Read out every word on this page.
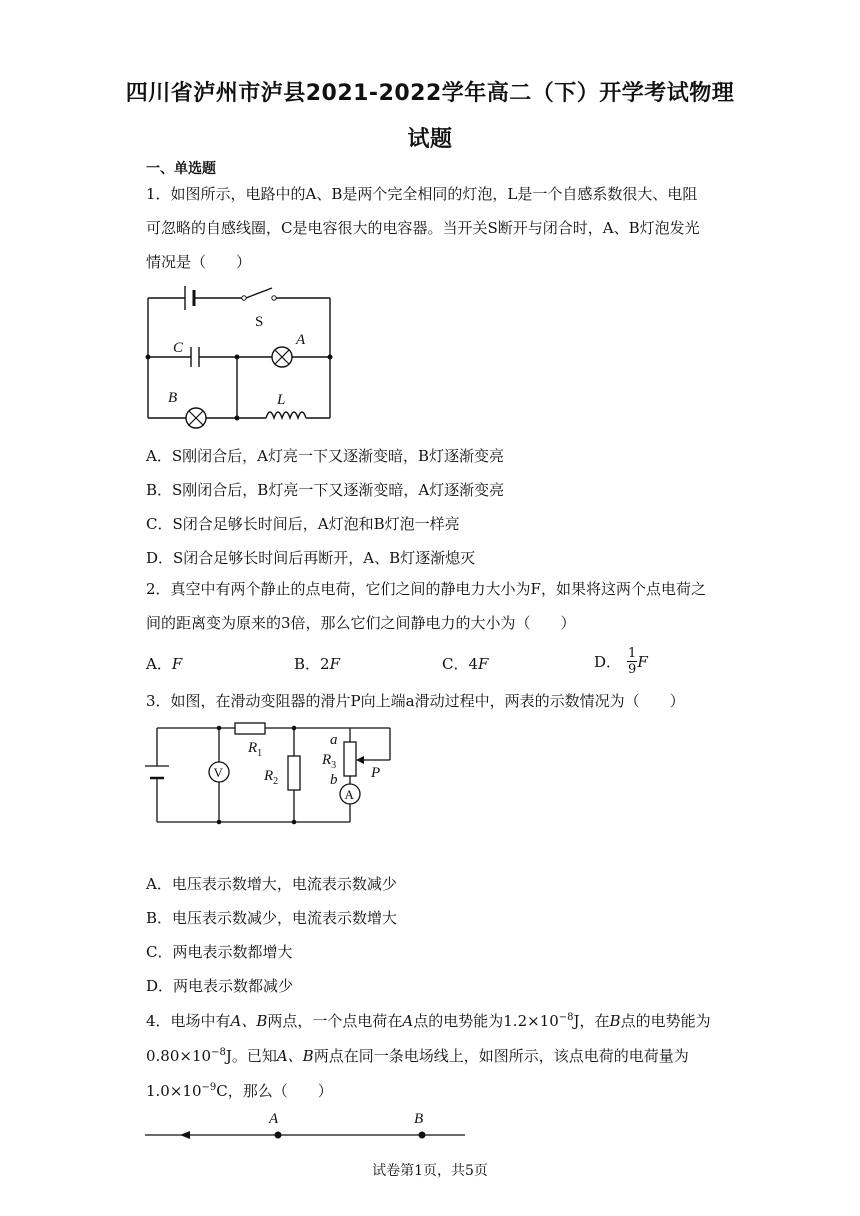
四川省泸州市泸县2021-2022学年高二（下）开学考试物理
试题
一、单选题
1．如图所示，电路中的A、B是两个完全相同的灯泡，L是一个自感系数很大、电阻
可忽略的自感线圈，C是电容很大的电容器。当开关S断开与闭合时，A、B灯泡发光
情况是（　　）
S
C	A
B	L
A．S刚闭合后，A灯亮一下又逐渐变暗，B灯逐渐变亮
B．S刚闭合后，B灯亮一下又逐渐变暗，A灯逐渐变亮
C．S闭合足够长时间后，A灯泡和B灯泡一样亮
D．S闭合足够长时间后再断开，A、B灯逐渐熄灭
2．真空中有两个静止的点电荷，它们之间的静电力大小为F，如果将这两个点电荷之
间的距离变为原来的3倍，那么它们之间静电力的大小为（　　）
A．F	B．2F	C．4F	D． $\frac{1}{9}$ F
3．如图，在滑动变阻器的滑片P向上端a滑动过程中，两表的示数情况为（　　）
V
A
$R_1$
$R_2$
$R_3$
a
b P
A．电压表示数增大，电流表示数减少
B．电压表示数减少，电流表示数增大
C．两电表示数都增大
D．两电表示数都减少
4．电场中有A、B两点，一个点电荷在A点的电势能为$1.2\times 10^{-8}J$，在B点的电势能为
$0.80\times 10^{-8}J$。已知A、B两点在同一条电场线上，如图所示，该点电荷的电荷量为
$1.0\times 10^{-9}C$，那么（　　）
A	B
试卷第1页，共5页
